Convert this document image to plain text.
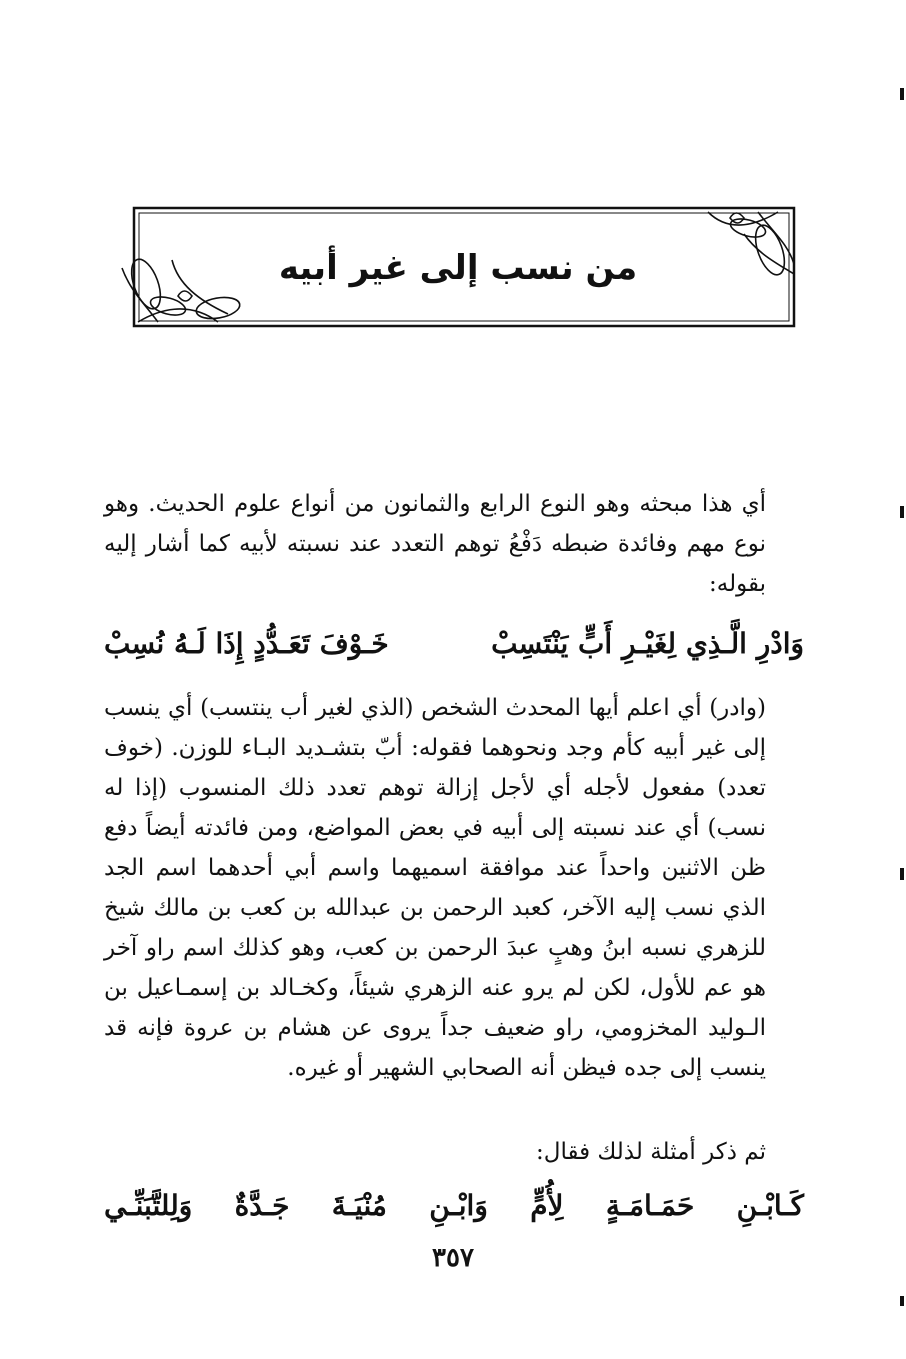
من نسب إلى غير أبيه

أي هذا مبحثه وهو النوع الرابع والثمانون من أنواع علوم الحديث. وهو نوع مهم وفائدة ضبطه دَفْعُ توهم التعدد عند نسبته لأبيه كما أشار إليه بقوله:

وَادْرِ الَّـذِي لِغَيْـرِ أَبٍّ يَنْتَسِبْ
خَـوْفَ تَعَـدُّدٍ إِذَا لَـهُ نُسِبْ

(وادر) أي اعلم أيها المحدث الشخص (الذي لغير أب ينتسب) أي ينسب إلى غير أبيه كأم وجد ونحوهما فقوله: أبّ بتشـديد البـاء للوزن. (خوف تعدد) مفعول لأجله أي لأجل إزالة توهم تعدد ذلك المنسوب (إذا له نسب) أي عند نسبته إلى أبيه في بعض المواضع، ومن فائدته أيضاً دفع ظن الاثنين واحداً عند موافقة اسميهما واسم أبي أحدهما اسم الجد الذي نسب إليه الآخر، كعبد الرحمن بن عبدالله بن كعب بن مالك شيخ للزهري نسبه ابنُ وهبٍ عبدَ الرحمن بن كعب، وهو كذلك اسم راو آخر هو عم للأول، لكن لم يرو عنه الزهري شيئاً، وكخـالد بن إسمـاعيل بن الـوليد المخزومي، راو ضعيف جداً يروى عن هشام بن عروة فإنه قد ينسب إلى جده فيظن أنه الصحابي الشهير أو غيره.

ثم ذكر أمثلة لذلك فقال:

كَـابْـنِ
حَمَـامَـةٍ
لِأُمٍّ
وَابْـنِ
مُنْيَـةَ
جَـدَّةٌ
وَلِلتَّبَنِّـي
٣٥٧
